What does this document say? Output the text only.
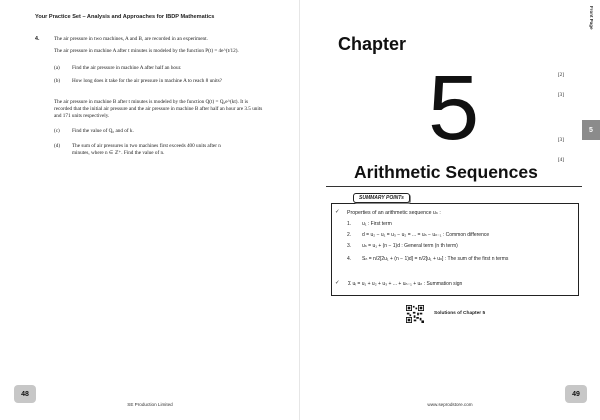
Your Practice Set – Analysis and Approaches for IBDP Mathematics
4.	The air pressure in two machines, A and B, are recorded in an experiment.
The air pressure in machine A after t minutes is modeled by the function P(t) = 4e^(t/12).
(a) Find the air pressure in machine A after half an hour.
[2]
(b) How long does it take for the air pressure in machine A to reach 8 units?
[3]
The air pressure in machine B after t minutes is modeled by the function Q(t) = Q₀e^(kt). It is recorded that the initial air pressure and the air pressure in machine B after half an hour are 3.5 units and 171 units respectively.
(c) Find the value of Q₀ and of k.
[3]
(d) The sum of air pressures in two machines first exceeds 400 units after n minutes, where n ∈ ℤ⁺. Find the value of n.
[4]
48
SE Production Limited
Front Page
5
Chapter
5
Arithmetic Sequences
SUMMARY POINTs
✓ Properties of an arithmetic sequence uₙ :
1. u₁ : First term
2. d = u₂ − u₁ = u₃ − u₂ = ... = uₙ − uₙ₋₁ : Common difference
3. uₙ = u₁ + (n − 1)d : General term (n th term)
4. Sₙ = n/2[2u₁ + (n − 1)d] = n/2[u₁ + uₙ] : The sum of the first n terms
✓ Σ uᵢ = u₁ + u₂ + u₃ + ... + uₙ₋₁ + uₙ : Summation sign
Solutions of Chapter 5
49
www.seprodstore.com
